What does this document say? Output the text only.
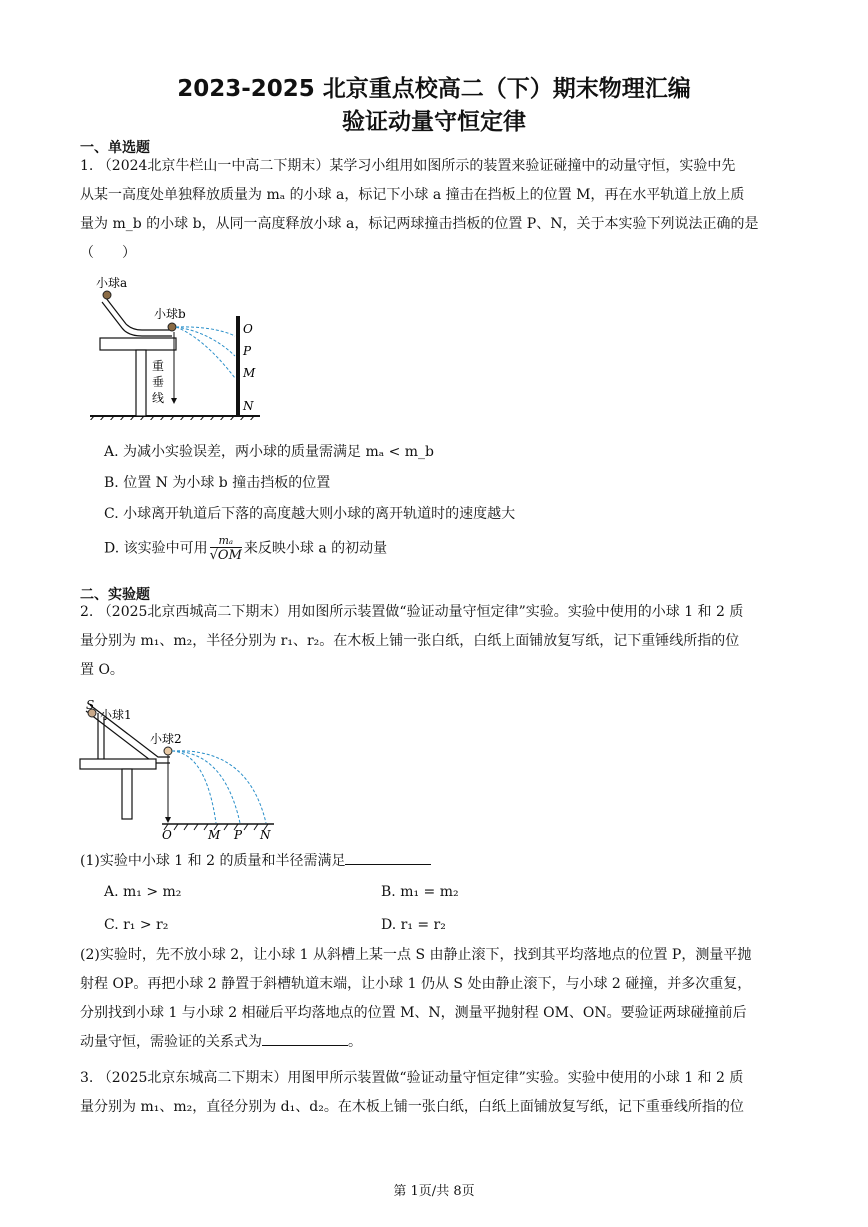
2023-2025 北京重点校高二（下）期末物理汇编
验证动量守恒定律
一、单选题
1. （2024北京牛栏山一中高二下期末）某学习小组用如图所示的装置来验证碰撞中的动量守恒，实验中先
从某一高度处单独释放质量为 mₐ 的小球 a，标记下小球 a 撞击在挡板上的位置 M，再在水平轨道上放上质
量为 m_b 的小球 b，从同一高度释放小球 a，标记两球撞击挡板的位置 P、N，关于本实验下列说法正确的是
（　　）
小球a
小球b
重
垂
线
O
P
M
N
A. 为减小实验误差，两小球的质量需满足 mₐ < m_b
B. 位置 N 为小球 b 撞击挡板的位置
C. 小球离开轨道后下落的高度越大则小球的离开轨道时的速度越大
D. 该实验中可用 $\frac{\text{mₐ}}{√OM}$ 来反映小球 a 的初动量
二、实验题
2. （2025北京西城高二下期末）用如图所示装置做“验证动量守恒定律”实验。实验中使用的小球 1 和 2 质
量分别为 m₁、m₂，半径分别为 r₁、r₂。在木板上铺一张白纸，白纸上面铺放复写纸，记下重锤线所指的位
置 O。
S
小球1
小球2
O	M P N
(1)实验中小球 1 和 2 的质量和半径需满足
A. m₁ > m₂	B. m₁ = m₂
C. r₁ > r₂	D. r₁ = r₂
(2)实验时，先不放小球 2，让小球 1 从斜槽上某一点 S 由静止滚下，找到其平均落地点的位置 P，测量平抛
射程 OP。再把小球 2 静置于斜槽轨道末端，让小球 1 仍从 S 处由静止滚下，与小球 2 碰撞，并多次重复，
分别找到小球 1 与小球 2 相碰后平均落地点的位置 M、N，测量平抛射程 OM、ON。要验证两球碰撞前后
动量守恒，需验证的关系式为	。
3. （2025北京东城高二下期末）用图甲所示装置做“验证动量守恒定律”实验。实验中使用的小球 1 和 2 质
量分别为 m₁、m₂，直径分别为 d₁、d₂。在木板上铺一张白纸，白纸上面铺放复写纸，记下重垂线所指的位
第 1页/共 8页
